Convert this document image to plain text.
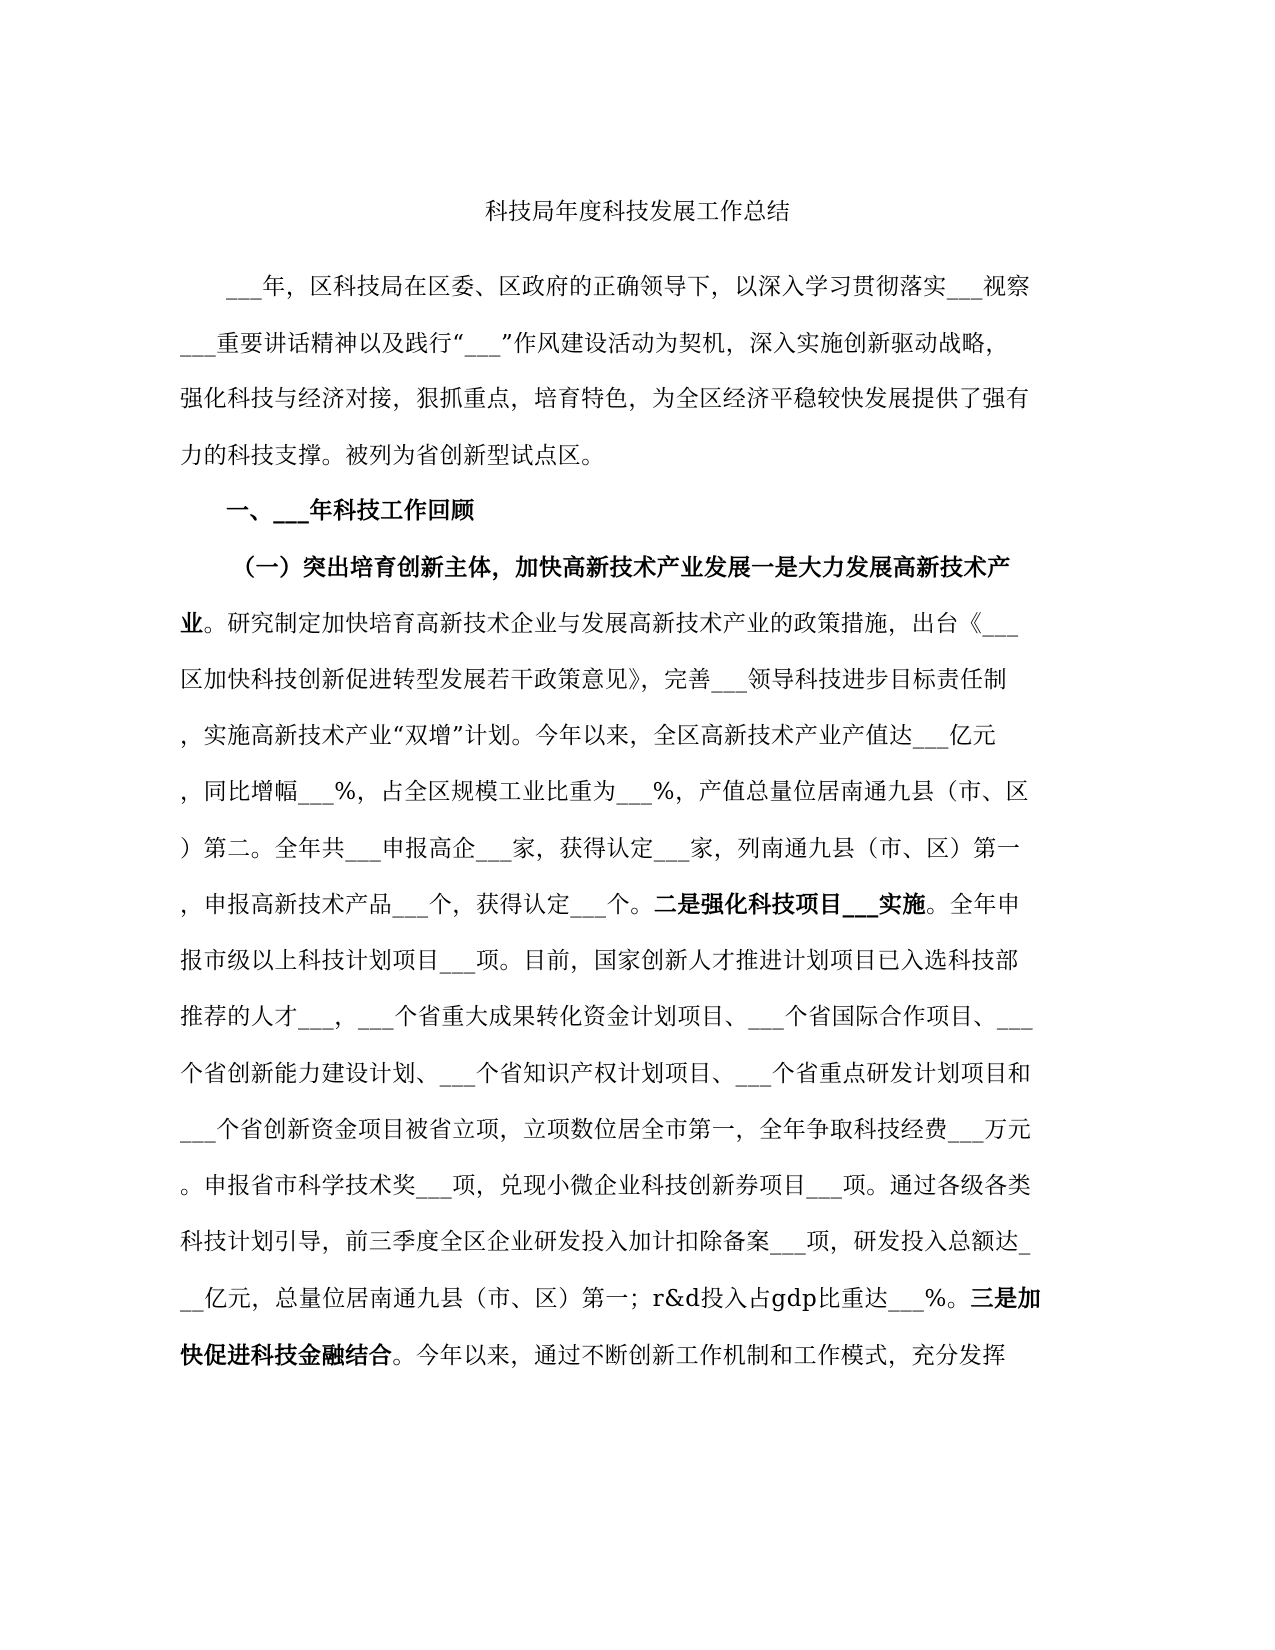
科技局年度科技发展工作总结
___年，区科技局在区委、区政府的正确领导下，以深入学习贯彻落实___视察
___重要讲话精神以及践行“___”作风建设活动为契机，深入实施创新驱动战略，
强化科技与经济对接，狠抓重点，培育特色，为全区经济平稳较快发展提供了强有
力的科技支撑。被列为省创新型试点区。
一、___年科技工作回顾
（一）突出培育创新主体，加快高新技术产业发展一是大力发展高新技术产
业。研究制定加快培育高新技术企业与发展高新技术产业的政策措施，出台《___
区加快科技创新促进转型发展若干政策意见》，完善___领导科技进步目标责任制
，实施高新技术产业“双增”计划。今年以来，全区高新技术产业产值达___亿元
，同比增幅___%，占全区规模工业比重为___%，产值总量位居南通九县（市、区
）第二。全年共___申报高企___家，获得认定___家，列南通九县（市、区）第一
，申报高新技术产品___个，获得认定___个。二是强化科技项目___实施。全年申
报市级以上科技计划项目___项。目前，国家创新人才推进计划项目已入选科技部
推荐的人才___，___个省重大成果转化资金计划项目、___个省国际合作项目、___
个省创新能力建设计划、___个省知识产权计划项目、___个省重点研发计划项目和
___个省创新资金项目被省立项，立项数位居全市第一，全年争取科技经费___万元
。申报省市科学技术奖___项，兑现小微企业科技创新券项目___项。通过各级各类
科技计划引导，前三季度全区企业研发投入加计扣除备案___项，研发投入总额达_
__亿元，总量位居南通九县（市、区）第一；r&d投入占gdp比重达___%。三是加
快促进科技金融结合。今年以来，通过不断创新工作机制和工作模式，充分发挥
